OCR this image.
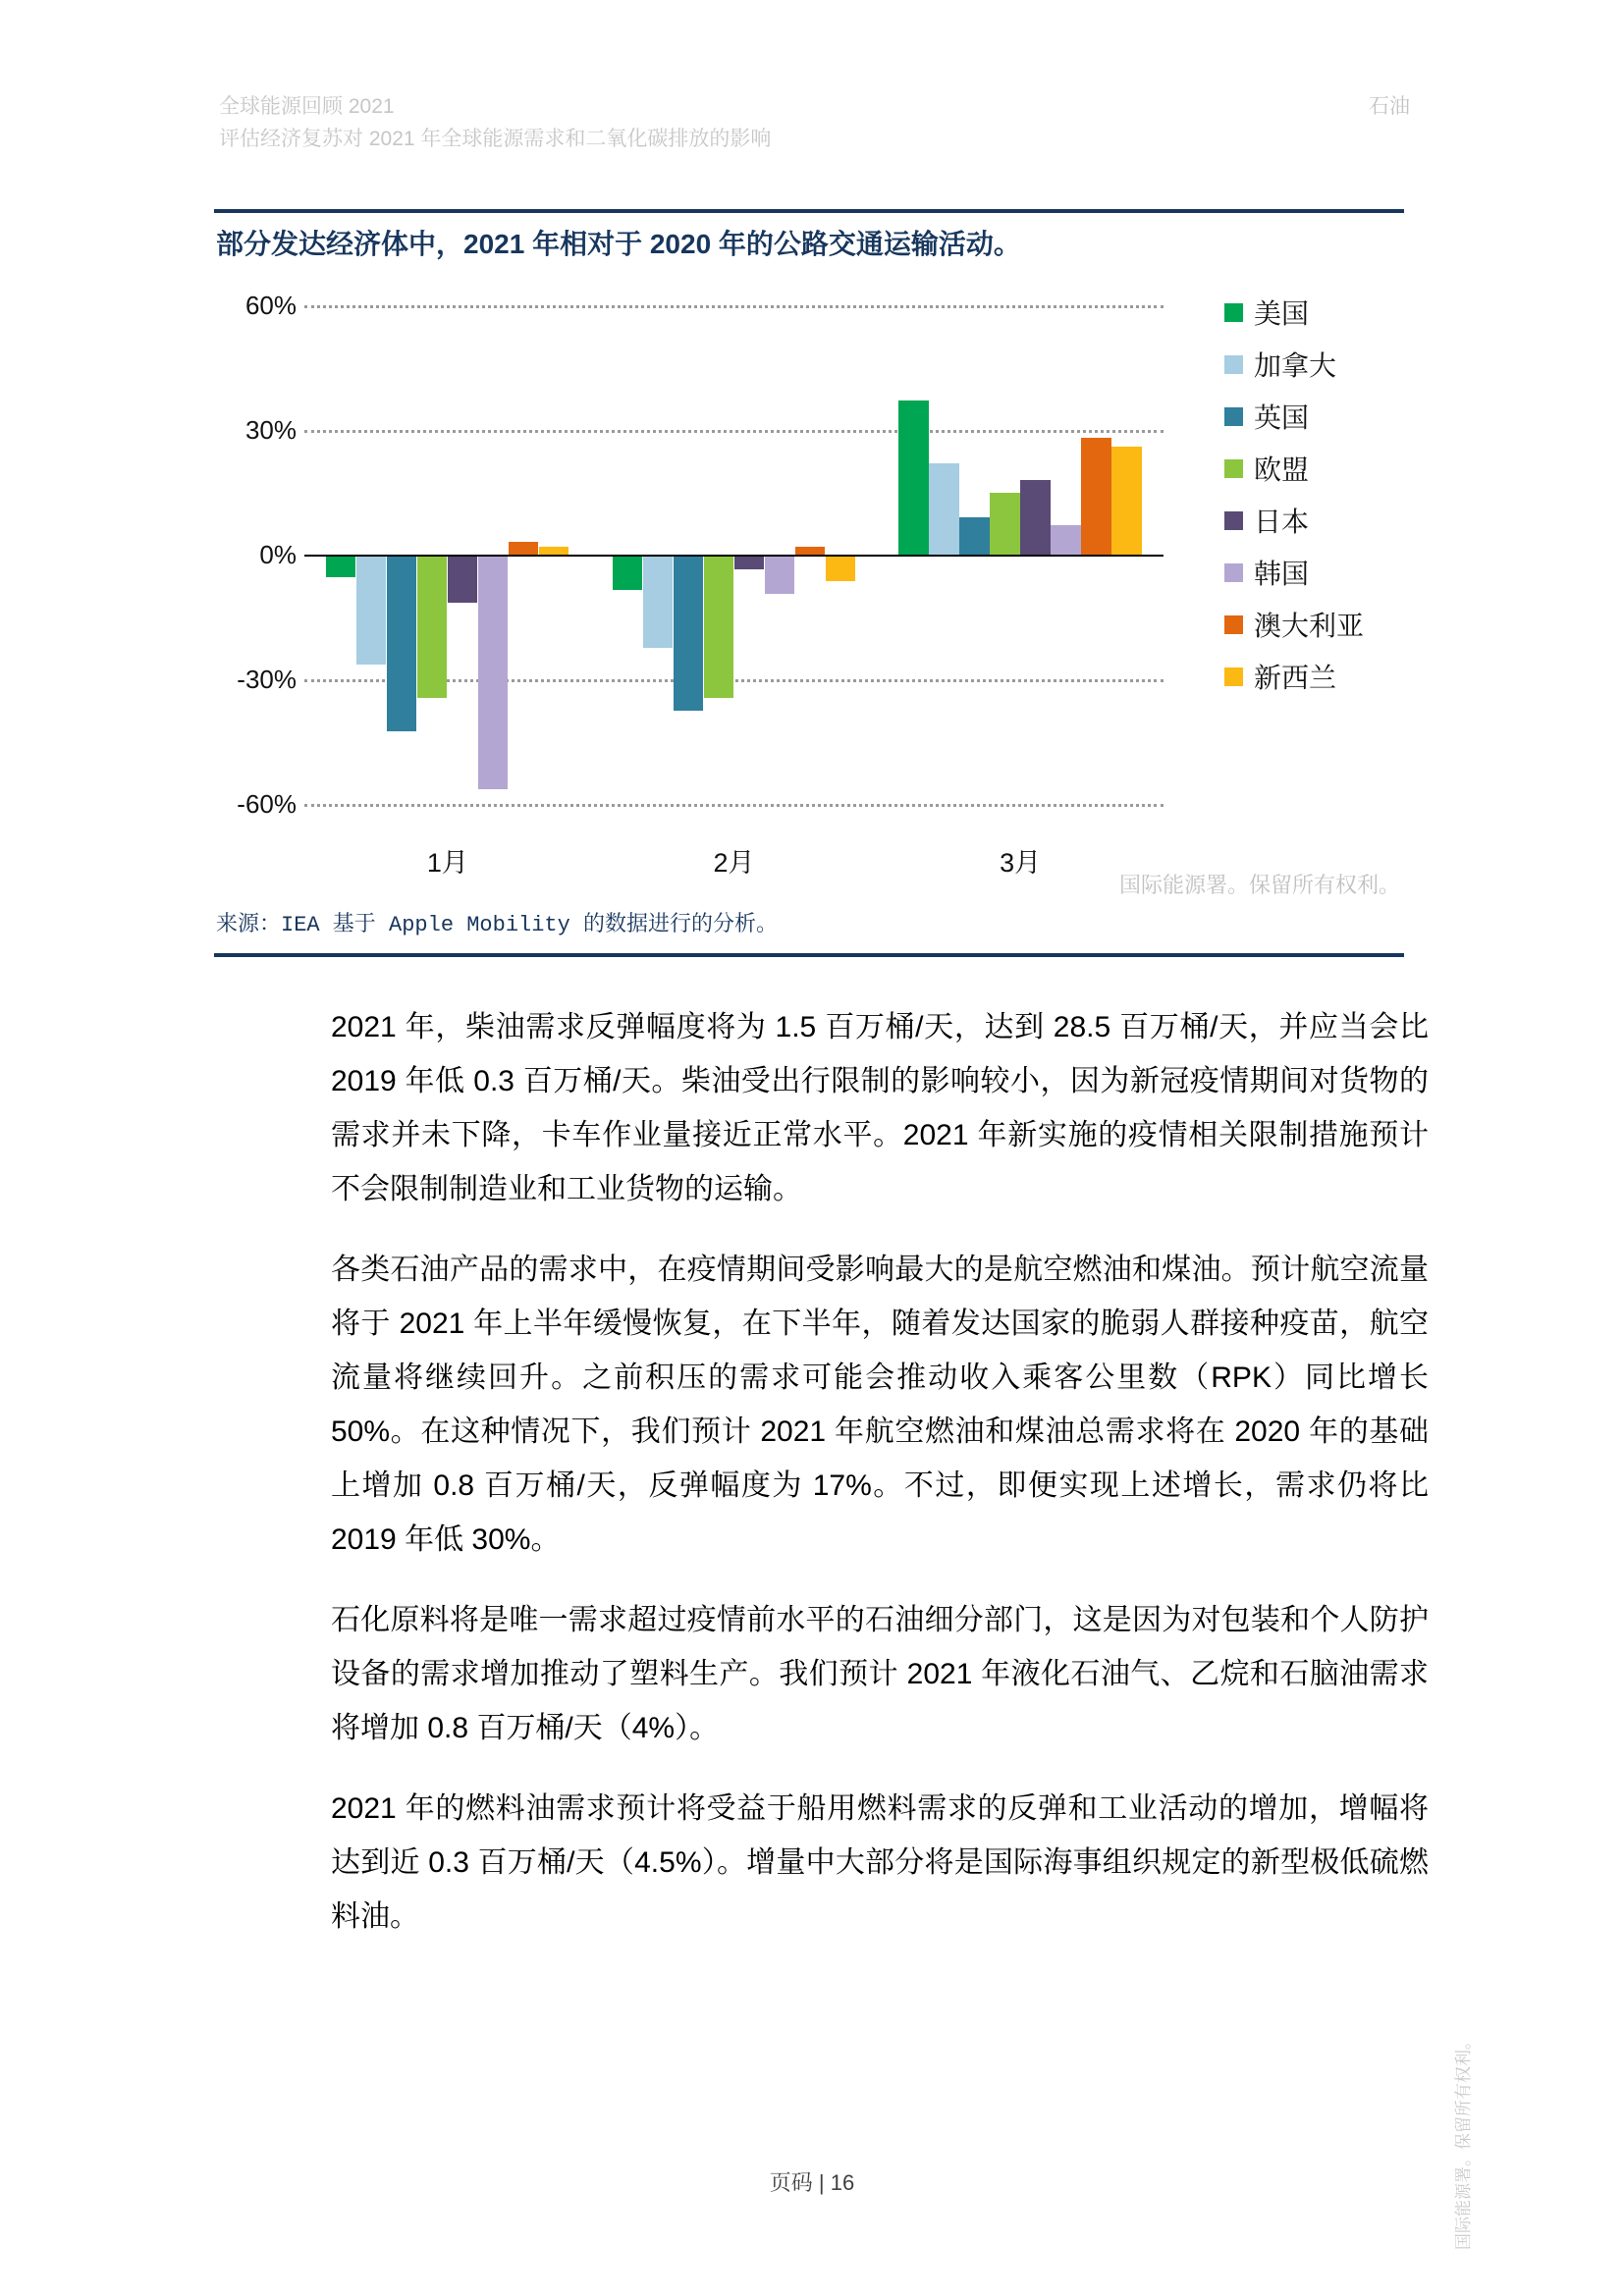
全球能源回顾 2021
评估经济复苏对 2021 年全球能源需求和二氧化碳排放的影响
石油
部分发达经济体中，2021 年相对于 2020 年的公路交通运输活动。
60%
30%
0%
-30%
-60%
1月	2月	3月
美国
加拿大
英国
欧盟
日本
韩国
澳大利亚
新西兰
国际能源署。保留所有权利。
来源：IEA 基于 Apple Mobility 的数据进行的分析。

2021 年，柴油需求反弹幅度将为 1.5 百万桶/天，达到 28.5 百万桶/天，并应当会比 2019 年低 0.3 百万桶/天。柴油受出行限制的影响较小，因为新冠疫情期间对货物的需求并未下降，卡车作业量接近正常水平。2021 年新实施的疫情相关限制措施预计不会限制制造业和工业货物的运输。

各类石油产品的需求中，在疫情期间受影响最大的是航空燃油和煤油。预计航空流量将于 2021 年上半年缓慢恢复，在下半年，随着发达国家的脆弱人群接种疫苗，航空流量将继续回升。之前积压的需求可能会推动收入乘客公里数（RPK）同比增长 50%。在这种情况下，我们预计 2021 年航空燃油和煤油总需求将在 2020 年的基础上增加 0.8 百万桶/天，反弹幅度为 17%。不过，即便实现上述增长，需求仍将比 2019 年低 30%。

石化原料将是唯一需求超过疫情前水平的石油细分部门，这是因为对包装和个人防护设备的需求增加推动了塑料生产。我们预计 2021 年液化石油气、乙烷和石脑油需求将增加 0.8 百万桶/天（4%）。

2021 年的燃料油需求预计将受益于船用燃料需求的反弹和工业活动的增加，增幅将达到近 0.3 百万桶/天（4.5%）。增量中大部分将是国际海事组织规定的新型极低硫燃料油。

页码 | 16	国际能源署。保留所有权利。
